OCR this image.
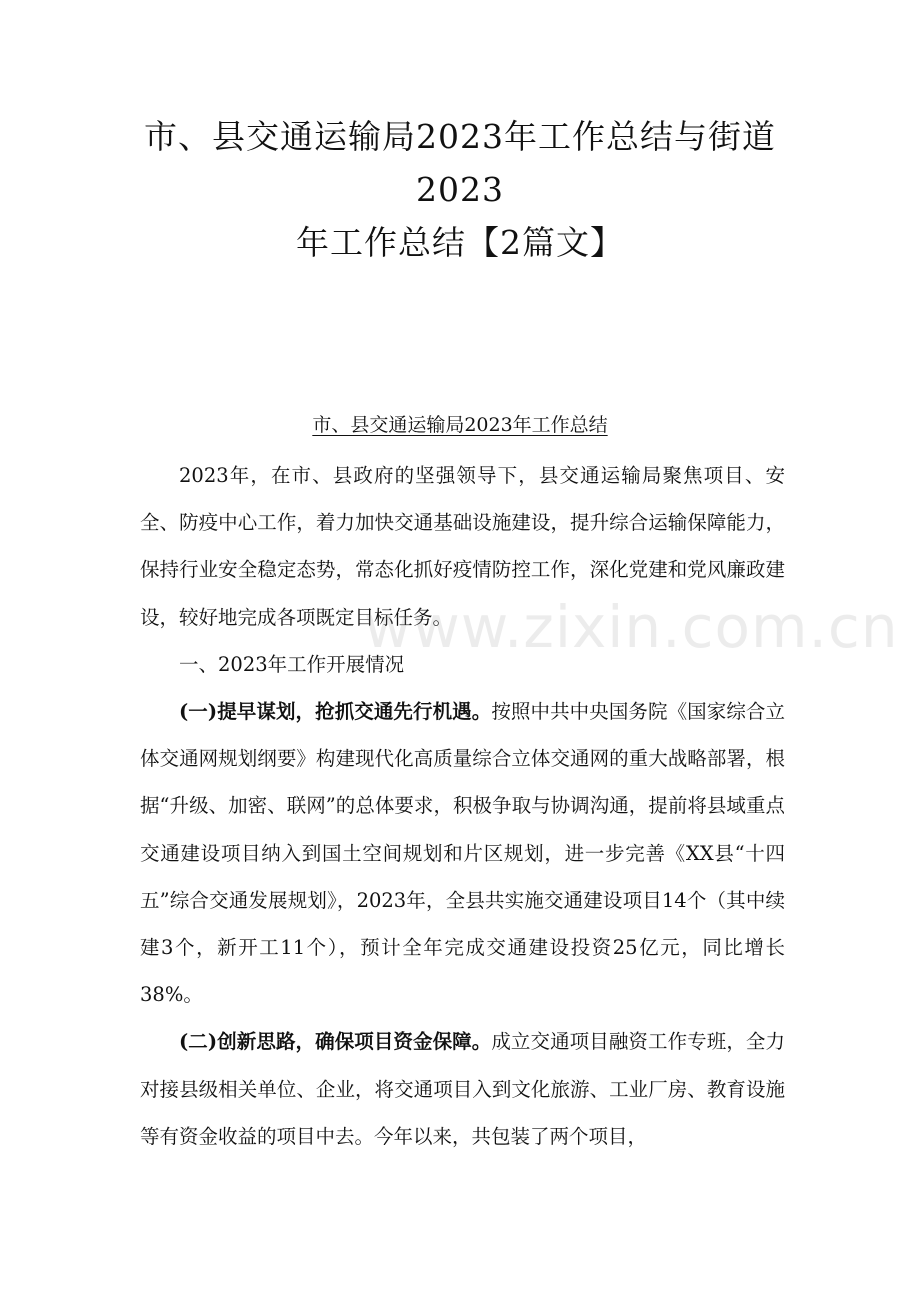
市、县交通运输局2023年工作总结与街道2023
年工作总结【2篇文】
市、县交通运输局2023年工作总结

2023年，在市、县政府的坚强领导下，县交通运输局聚焦项目、安全、防疫中心工作，着力加快交通基础设施建设，提升综合运输保障能力，保持行业安全稳定态势，常态化抓好疫情防控工作，深化党建和党风廉政建设，较好地完成各项既定目标任务。

一、2023年工作开展情况

(一)提早谋划，抢抓交通先行机遇。按照中共中央国务院《国家综合立体交通网规划纲要》构建现代化高质量综合立体交通网的重大战略部署，根据“升级、加密、联网”的总体要求，积极争取与协调沟通，提前将县域重点交通建设项目纳入到国土空间规划和片区规划，进一步完善《XX县“十四五”综合交通发展规划》，2023年，全县共实施交通建设项目14个（其中续建3个，新开工11个），预计全年完成交通建设投资25亿元，同比增长38%。

(二)创新思路，确保项目资金保障。成立交通项目融资工作专班，全力对接县级相关单位、企业，将交通项目入到文化旅游、工业厂房、教育设施等有资金收益的项目中去。今年以来，共包装了两个项目，

www.zixin.com.cn
